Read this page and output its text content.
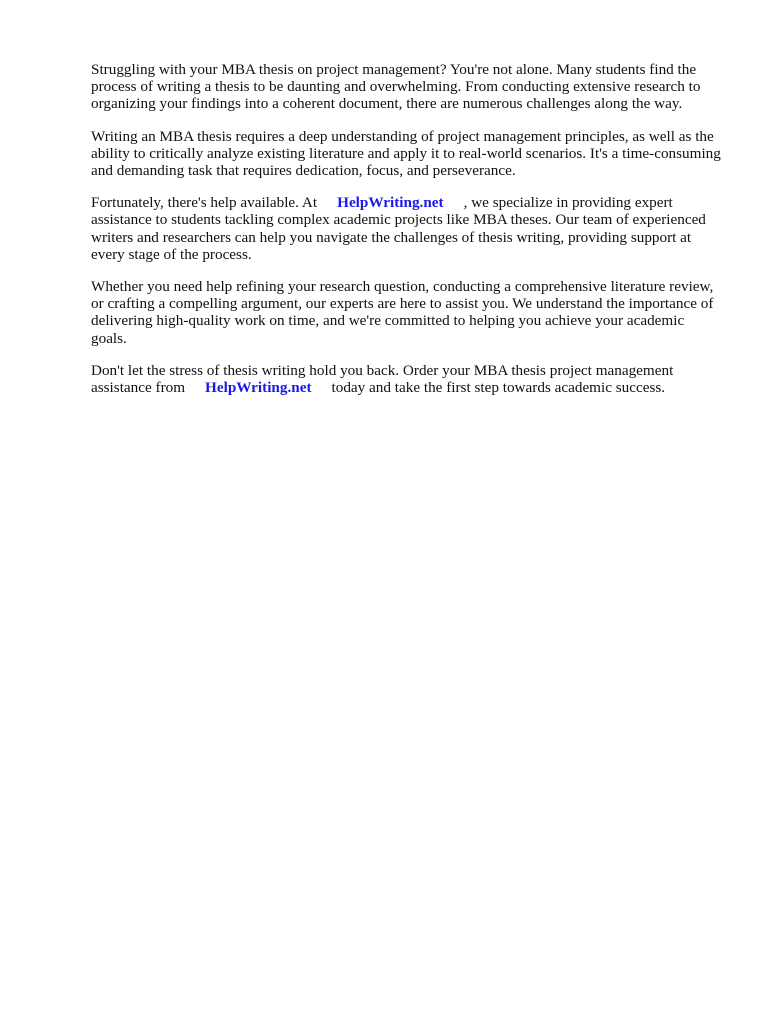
Struggling with your MBA thesis on project management? You're not alone. Many students find the process of writing a thesis to be daunting and overwhelming. From conducting extensive research to organizing your findings into a coherent document, there are numerous challenges along the way.

Writing an MBA thesis requires a deep understanding of project management principles, as well as the ability to critically analyze existing literature and apply it to real-world scenarios. It's a time-consuming and demanding task that requires dedication, focus, and perseverance.

Fortunately, there's help available. At HelpWriting.net , we specialize in providing expert assistance to students tackling complex academic projects like MBA theses. Our team of experienced writers and researchers can help you navigate the challenges of thesis writing, providing support at every stage of the process.

Whether you need help refining your research question, conducting a comprehensive literature review, or crafting a compelling argument, our experts are here to assist you. We understand the importance of delivering high-quality work on time, and we're committed to helping you achieve your academic goals.

Don't let the stress of thesis writing hold you back. Order your MBA thesis project management assistance from HelpWriting.net today and take the first step towards academic success.
